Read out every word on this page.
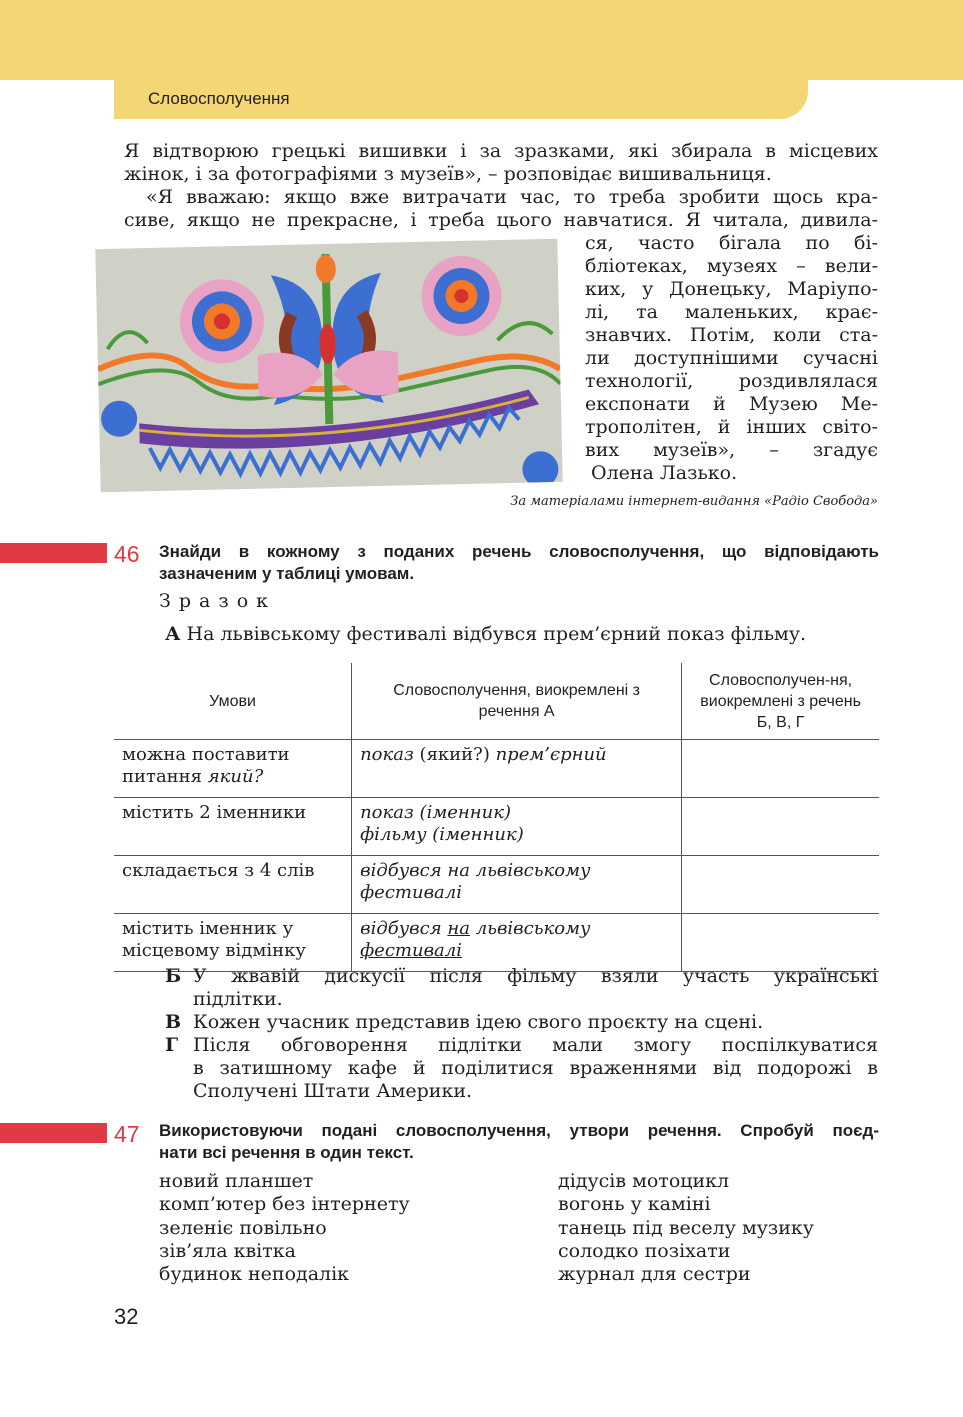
Словосполучення
Я відтворюю грецькі вишивки і за зразками, які збирала в місцевих
жінок, і за фотографіями з музеїв», – розповідає вишивальниця.
«Я вважаю: якщо вже витрачати час, то треба зробити щось кра-
сиве, якщо не прекрасне, і треба цього навчатися. Я читала, дивила-
ся, часто бігала по бі-
бліотеках, музеях – вели-
ких, у Донецьку, Маріупо-
лі, та маленьких, крає-
знавчих. Потім, коли ста-
ли доступнішими сучасні
технології, роздивлялася
експонати й Музею Ме-
трополітен, й інших світо-
вих музеїв», – згадує
Олена Лазько.
За матеріалами інтернет-видання «Радіо Свобода»
46 Знайди в кожному з поданих речень словосполучення, що відповідають
зазначеним у таблиці умовам.
Зразок
А На львівському фестивалі відбувся прем’єрний показ фільму.
Умови	Словосполучення, виокремлені з речення А	Словосполучен-ня, виокремлені з речень Б, В, Г
можна поставити
питання який?	показ (який?) прем’єрний	
містить 2 іменники	показ (іменник)
фільму (іменник)	
складається з 4 слів	відбувся на львівському
фестивалі	
містить іменник у
місцевому відмінку	відбувся на львівському
фестивалі	
Б У жвавій дискусії після фільму взяли участь українські
підлітки.
В Кожен учасник представив ідею свого проєкту на сцені.
Г Після обговорення підлітки мали змогу поспілкуватися
в затишному кафе й поділитися враженнями від подорожі в
Сполучені Штати Америки.
47 Використовуючи подані словосполучення, утвори речення. Спробуй поєд-
нати всі речення в один текст.
новий планшет
комп’ютер без інтернету
зеленіє повільно
зів’яла квітка
будинок неподалік
дідусів мотоцикл
вогонь у каміні
танець під веселу музику
солодко позіхати
журнал для сестри
32
